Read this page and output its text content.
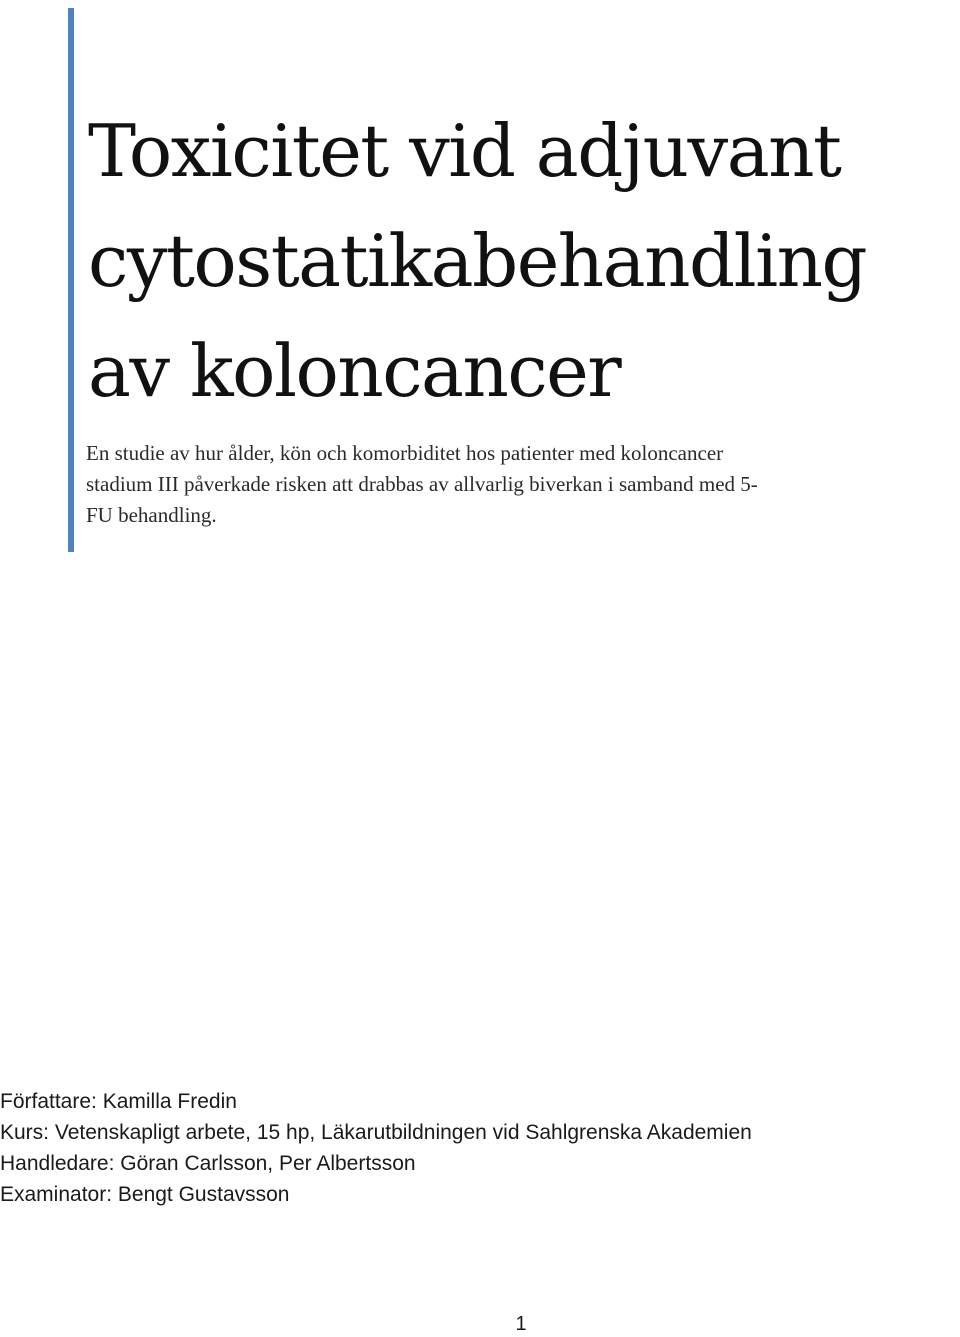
Toxicitet vid adjuvant
cytostatikabehandling
av koloncancer

En studie av hur ålder, kön och komorbiditet hos patienter med koloncancer
stadium III påverkade risken att drabbas av allvarlig biverkan i samband med 5-
FU behandling.

Författare: Kamilla Fredin
Kurs: Vetenskapligt arbete, 15 hp, Läkarutbildningen vid Sahlgrenska Akademien
Handledare: Göran Carlsson, Per Albertsson
Examinator: Bengt Gustavsson
1
